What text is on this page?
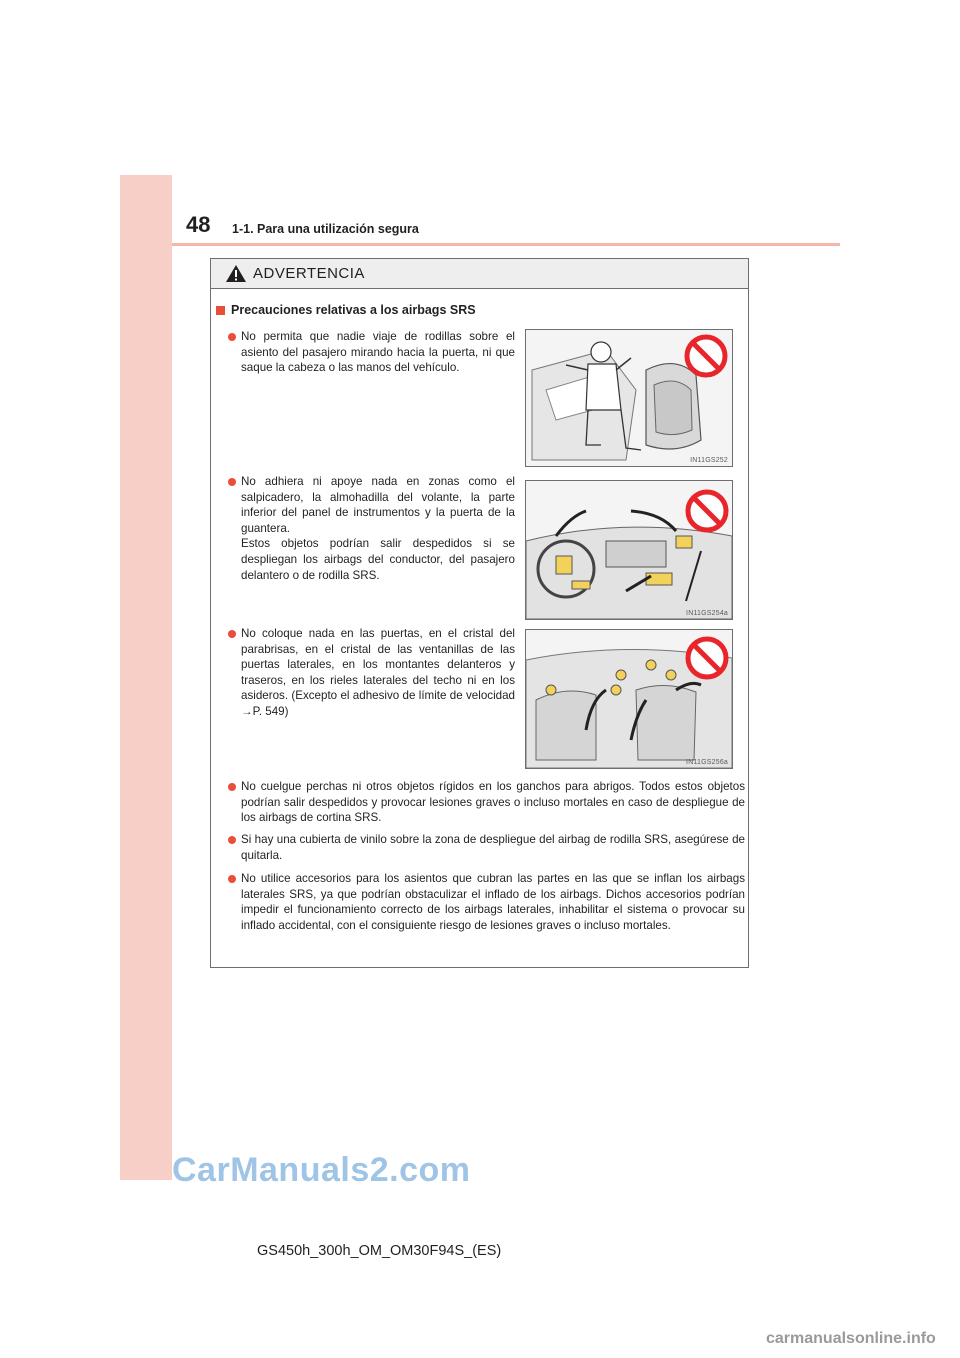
48 1-1. Para una utilización segura
ADVERTENCIA
Precauciones relativas a los airbags SRS

No permita que nadie viaje de rodillas sobre el asiento del pasajero mirando hacia la puerta, ni que saque la cabeza o las manos del vehículo.

No adhiera ni apoye nada en zonas como el salpicadero, la almohadilla del volante, la parte inferior del panel de instrumentos y la puerta de la guantera.

Estos objetos podrían salir despedidos si se despliegan los airbags del conductor, del pasajero delantero o de rodilla SRS.

No coloque nada en las puertas, en el cristal del parabrisas, en el cristal de las ventanillas de las puertas laterales, en los montantes delanteros y traseros, en los rieles laterales del techo ni en los asideros. (Excepto el adhesivo de límite de velocidad →P. 549)

IN11GS252
IN11GS254a
IN11GS256a

No cuelgue perchas ni otros objetos rígidos en los ganchos para abrigos. Todos estos objetos podrían salir despedidos y provocar lesiones graves o incluso mortales en caso de despliegue de los airbags de cortina SRS.

Si hay una cubierta de vinilo sobre la zona de despliegue del airbag de rodilla SRS, asegúrese de quitarla.

No utilice accesorios para los asientos que cubran las partes en las que se inflan los airbags laterales SRS, ya que podrían obstaculizar el inflado de los airbags. Dichos accesorios podrían impedir el funcionamiento correcto de los airbags laterales, inhabilitar el sistema o provocar su inflado accidental, con el consiguiente riesgo de lesiones graves o incluso mortales.

CarManuals2.com
GS450h_300h_OM_OM30F94S_(ES)
carmanualsonline.info
